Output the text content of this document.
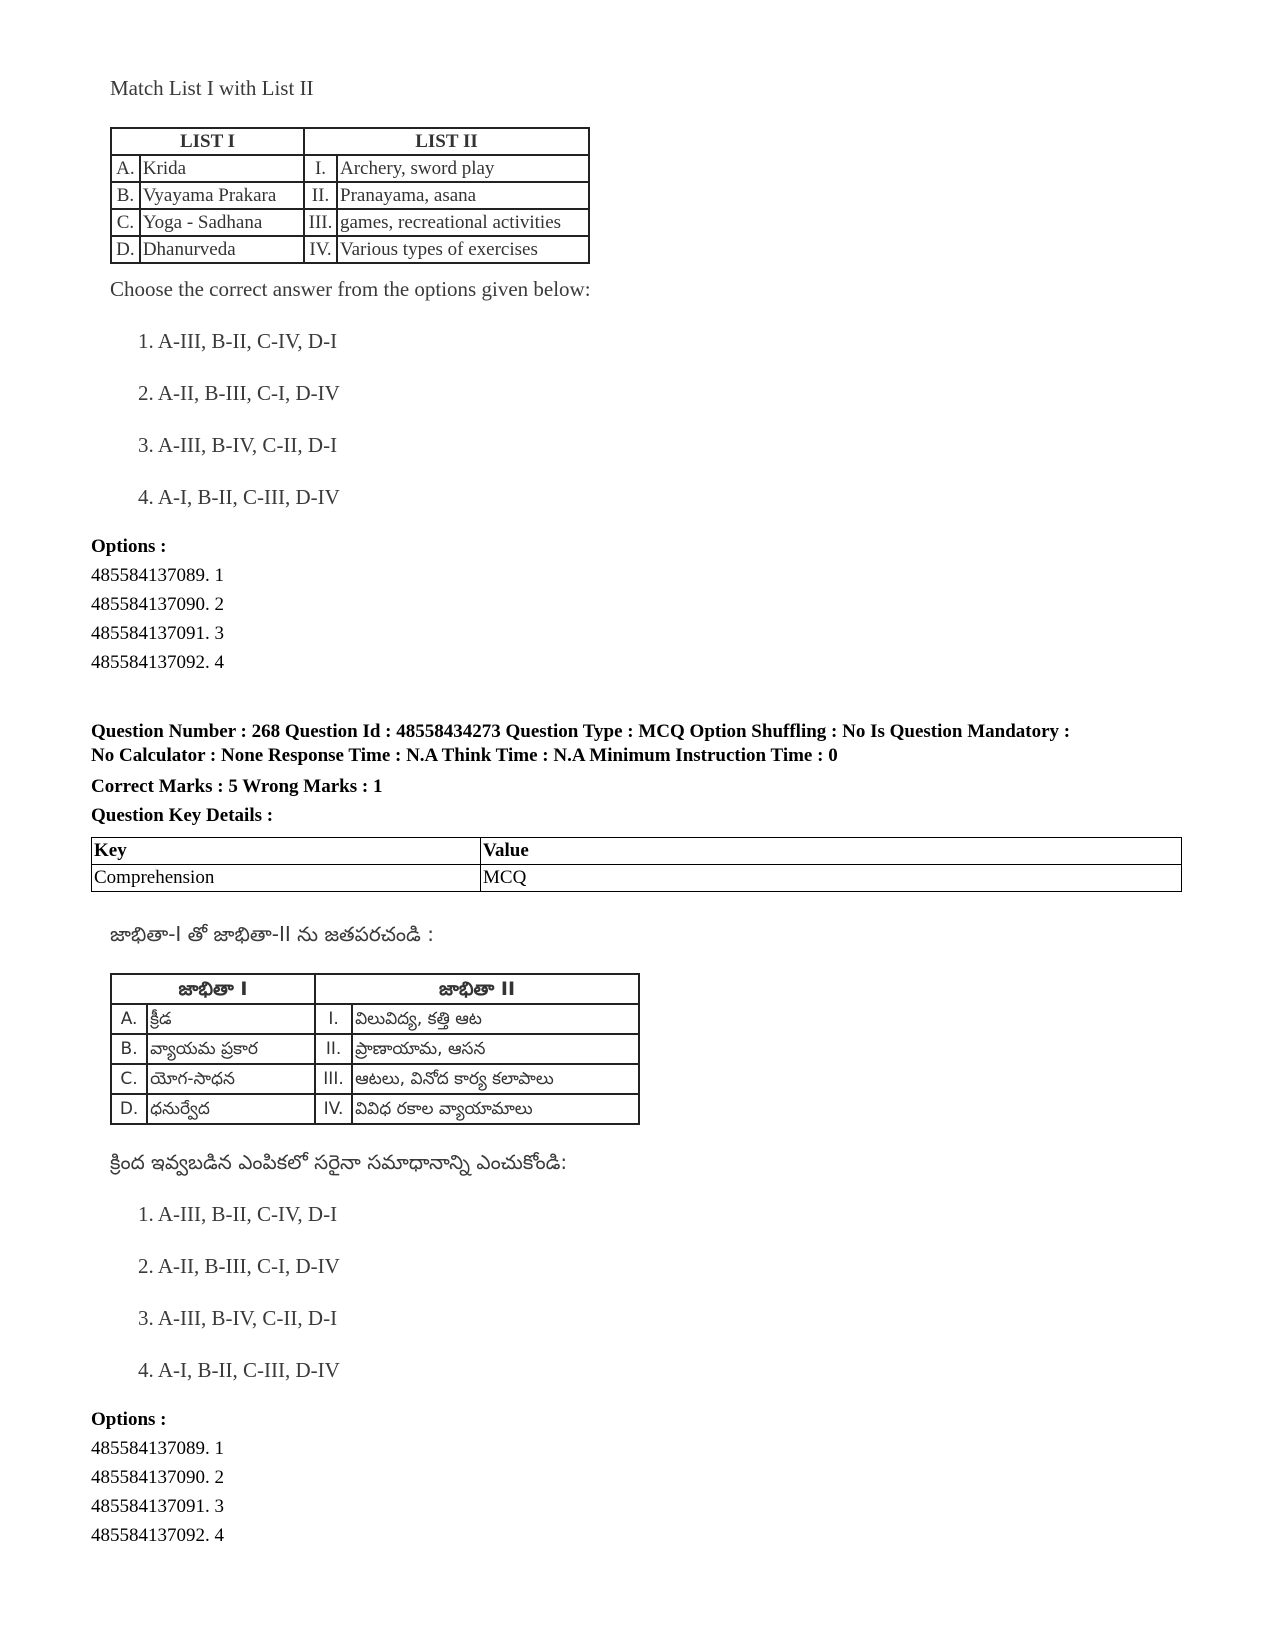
Match List I with List II
LIST I		LIST II	
A.	Krida	I.	Archery, sword play
B.	Vyayama Prakara	II.	Pranayama, asana
C.	Yoga - Sadhana	III.	games, recreational activities
D.	Dhanurveda	IV.	Various types of exercises
Choose the correct answer from the options given below:
1. A-III, B-II, C-IV, D-I
2. A-II, B-III, C-I, D-IV
3. A-III, B-IV, C-II, D-I
4. A-I, B-II, C-III, D-IV
Options :
485584137089. 1
485584137090. 2
485584137091. 3
485584137092. 4
Question Number : 268 Question Id : 48558434273 Question Type : MCQ Option Shuffling : No Is Question Mandatory :
No Calculator : None Response Time : N.A Think Time : N.A Minimum Instruction Time : 0
Correct Marks : 5 Wrong Marks : 1
Question Key Details :
Key	Value
Comprehension	MCQ
జాభితా-I తో జాభితా-II ను జతపరచండి :
జాభితా I		జాభితా II	
A.	క్రీడ	I.	విలువిద్య, కత్తి ఆట
B.	వ్యాయమ ప్రకార	II.	ప్రాణాయామ, ఆసన
C.	యోగ-సాధన	III.	ఆటలు, వినోద కార్య కలాపాలు
D.	ధనుర్వేద	IV.	వివిధ రకాల వ్యాయామాలు
క్రింద ఇవ్వబడిన ఎంపికలో సరైనా సమాధానాన్ని ఎంచుకోండి:
1. A-III, B-II, C-IV, D-I
2. A-II, B-III, C-I, D-IV
3. A-III, B-IV, C-II, D-I
4. A-I, B-II, C-III, D-IV
Options :
485584137089. 1
485584137090. 2
485584137091. 3
485584137092. 4
